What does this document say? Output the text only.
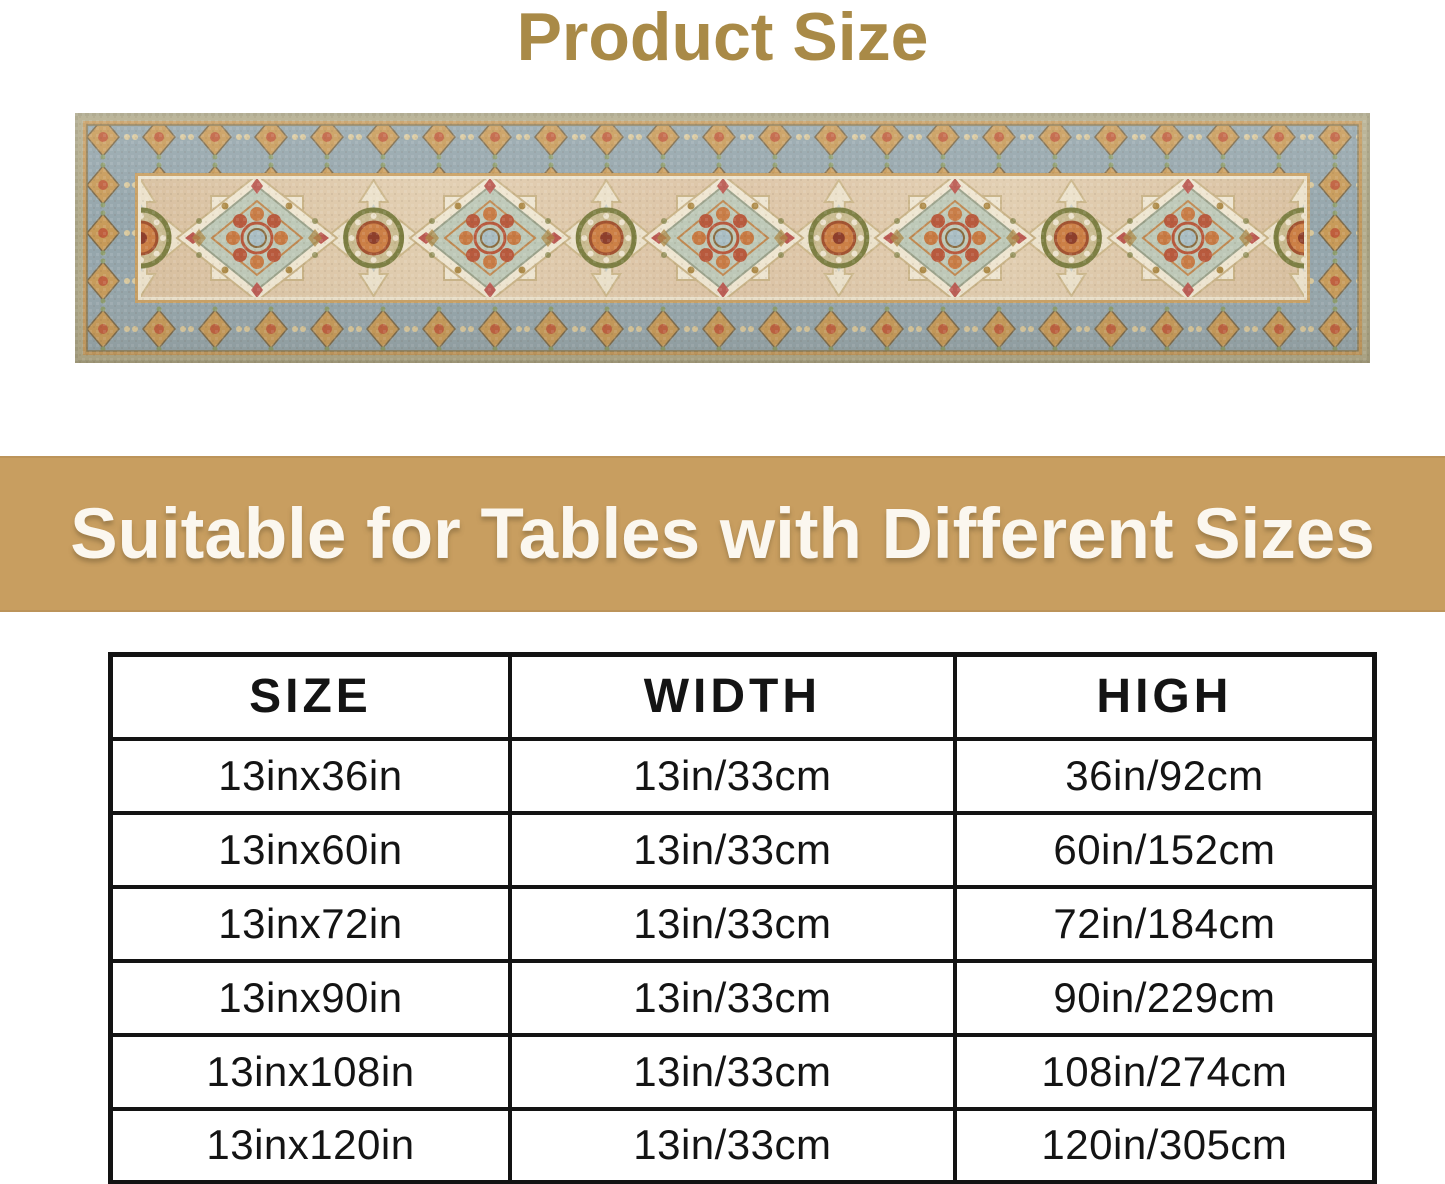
Product Size
Suitable for Tables with Different Sizes
SIZE	WIDTH	HIGH
13inx36in	13in/33cm	36in/92cm
13inx60in	13in/33cm	60in/152cm
13inx72in	13in/33cm	72in/184cm
13inx90in	13in/33cm	90in/229cm
13inx108in	13in/33cm	108in/274cm
13inx120in	13in/33cm	120in/305cm
